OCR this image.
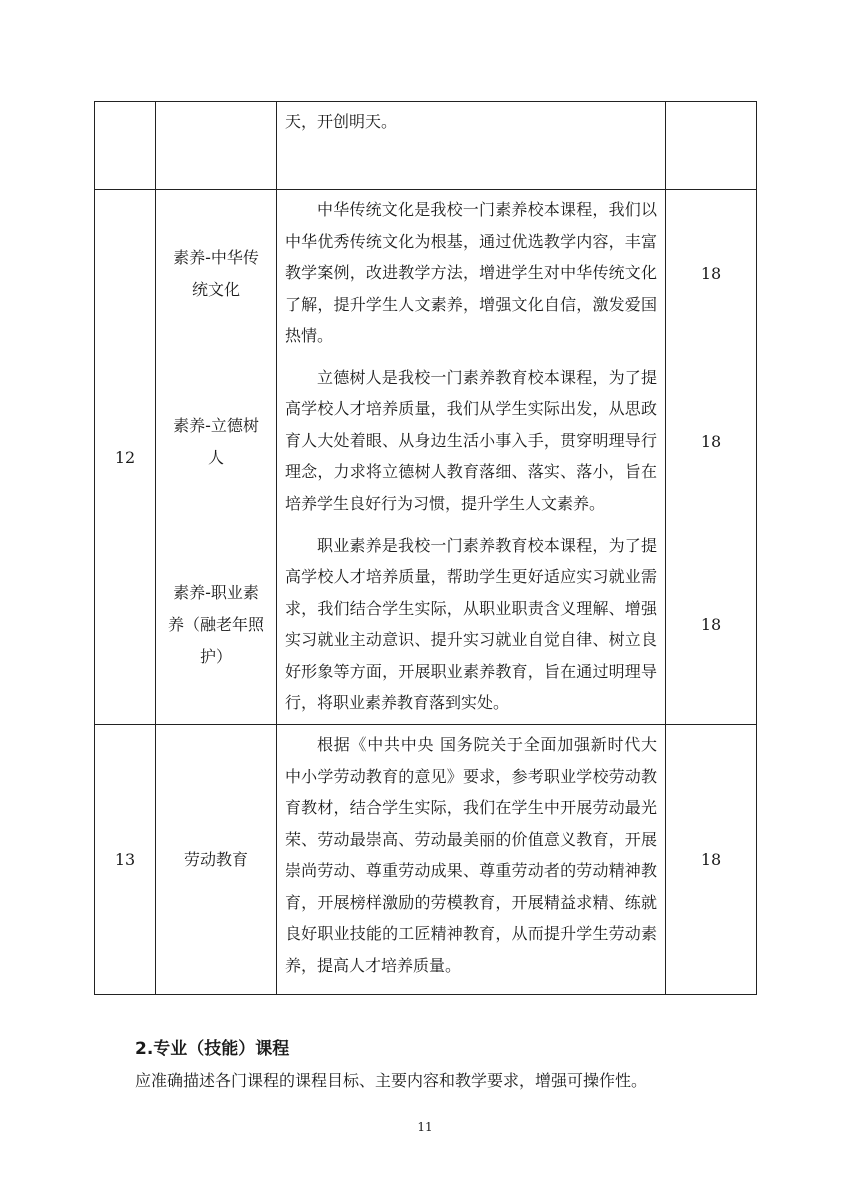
		天，开创明天。	
12	素养-中华传统文化	中华传统文化是我校一门素养校本课程，我们以中华优秀传统文化为根基，通过优选教学内容，丰富教学案例，改进教学方法，增进学生对中华传统文化了解，提升学生人文素养，增强文化自信，激发爱国热情。	18
	素养-立德树人	立德树人是我校一门素养教育校本课程，为了提高学校人才培养质量，我们从学生实际出发，从思政育人大处着眼、从身边生活小事入手，贯穿明理导行理念，力求将立德树人教育落细、落实、落小，旨在培养学生良好行为习惯，提升学生人文素养。	18
	素养-职业素养（融老年照护）	职业素养是我校一门素养教育校本课程，为了提高学校人才培养质量，帮助学生更好适应实习就业需求，我们结合学生实际，从职业职责含义理解、增强实习就业主动意识、提升实习就业自觉自律、树立良好形象等方面，开展职业素养教育，旨在通过明理导行，将职业素养教育落到实处。	18
13	劳动教育	根据《中共中央 国务院关于全面加强新时代大中小学劳动教育的意见》要求，参考职业学校劳动教育教材，结合学生实际，我们在学生中开展劳动最光荣、劳动最崇高、劳动最美丽的价值意义教育，开展崇尚劳动、尊重劳动成果、尊重劳动者的劳动精神教育，开展榜样激励的劳模教育，开展精益求精、练就良好职业技能的工匠精神教育，从而提升学生劳动素养，提高人才培养质量。	18
2.专业（技能）课程
应准确描述各门课程的课程目标、主要内容和教学要求，增强可操作性。
11
